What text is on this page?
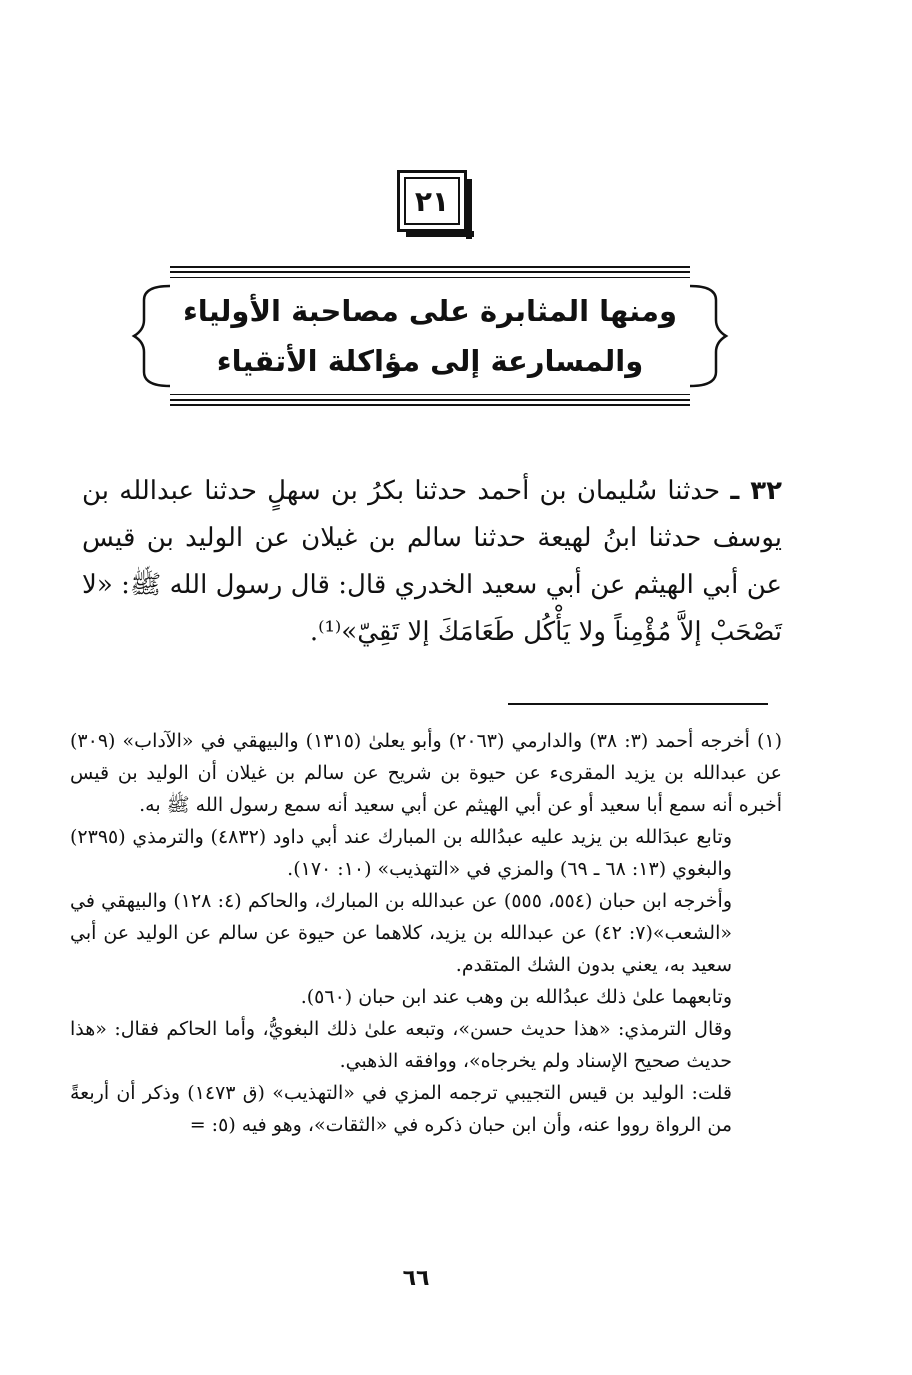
٢١
ومنها المثابرة على مصاحبة الأولياء
والمسارعة إلى مؤاكلة الأتقياء
٣٢ ـ حدثنا سُليمان بن أحمد حدثنا بكرُ بن سهلٍ حدثنا عبدالله بن يوسف حدثنا ابنُ لهيعة حدثنا سالم بن غيلان عن الوليد بن قيس عن أبي الهيثم عن أبي سعيد الخدري قال: قال رسول الله ﷺ: «لا تَصْحَبْ إلاَّ مُؤْمِناً ولا يَأْكُل طَعَامَكَ إلا تَقِيّ»⁽¹⁾.

(١) أخرجه أحمد (٣: ٣٨) والدارمي (٢٠٦٣) وأبو يعلىٰ (١٣١٥) والبيهقي في «الآداب» (٣٠٩) عن عبدالله بن يزيد المقرىء عن حيوة بن شريح عن سالم بن غيلان أن الوليد بن قيس أخبره أنه سمع أبا سعيد أو عن أبي الهيثم عن أبي سعيد أنه سمع رسول الله ﷺ به.

وتابع عبدَالله بن يزيد عليه عبدُالله بن المبارك عند أبي داود (٤٨٣٢) والترمذي (٢٣٩٥) والبغوي (١٣: ٦٨ ـ ٦٩) والمزي في «التهذيب» (١٠: ١٧٠).

وأخرجه ابن حبان (٥٥٤، ٥٥٥) عن عبدالله بن المبارك، والحاكم (٤: ١٢٨) والبيهقي في «الشعب»(٧: ٤٢) عن عبدالله بن يزيد، كلاهما عن حيوة عن سالم عن الوليد عن أبي سعيد به، يعني بدون الشك المتقدم.

وتابعهما علىٰ ذلك عبدُالله بن وهب عند ابن حبان (٥٦٠).

وقال الترمذي: «هذا حديث حسن»، وتبعه علىٰ ذلك البغويُّ، وأما الحاكم فقال: «هذا حديث صحيح الإسناد ولم يخرجاه»، ووافقه الذهبي.

قلت: الوليد بن قيس التجيبي ترجمه المزي في «التهذيب» (ق ١٤٧٣) وذكر أن أربعةً من الرواة رووا عنه، وأن ابن حبان ذكره في «الثقات»، وهو فيه (٥: =

٦٦
